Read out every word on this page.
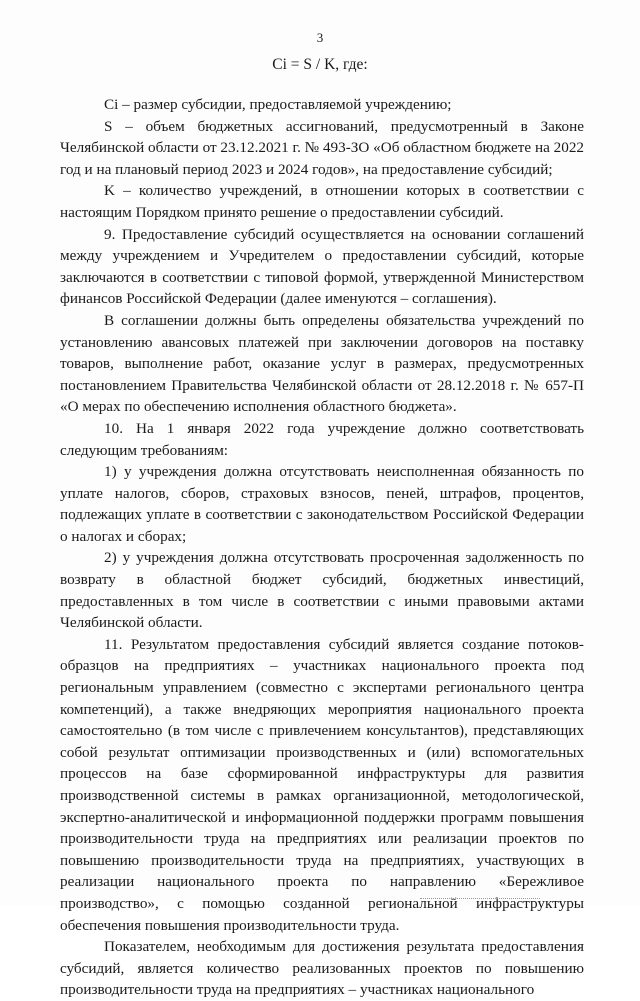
3
Ci = S / K, где:

Ci – размер субсидии, предоставляемой учреждению;

S – объем бюджетных ассигнований, предусмотренный в Законе Челябинской области от 23.12.2021 г. № 493-ЗО «Об областном бюджете на 2022 год и на плановый период 2023 и 2024 годов», на предоставление субсидий;

K – количество учреждений, в отношении которых в соответствии с настоящим Порядком принято решение о предоставлении субсидий.

9. Предоставление субсидий осуществляется на основании соглашений между учреждением и Учредителем о предоставлении субсидий, которые заключаются в соответствии с типовой формой, утвержденной Министерством финансов Российской Федерации (далее именуются – соглашения).

В соглашении должны быть определены обязательства учреждений по установлению авансовых платежей при заключении договоров на поставку товаров, выполнение работ, оказание услуг в размерах, предусмотренных постановлением Правительства Челябинской области от 28.12.2018 г. № 657-П «О мерах по обеспечению исполнения областного бюджета».

10. На 1 января 2022 года учреждение должно соответствовать следующим требованиям:

1) у учреждения должна отсутствовать неисполненная обязанность по уплате налогов, сборов, страховых взносов, пеней, штрафов, процентов, подлежащих уплате в соответствии с законодательством Российской Федерации о налогах и сборах;

2) у учреждения должна отсутствовать просроченная задолженность по возврату в областной бюджет субсидий, бюджетных инвестиций, предоставленных в том числе в соответствии с иными правовыми актами Челябинской области.

11. Результатом предоставления субсидий является создание потоков-образцов на предприятиях – участниках национального проекта под региональным управлением (совместно с экспертами регионального центра компетенций), а также внедряющих мероприятия национального проекта самостоятельно (в том числе с привлечением консультантов), представляющих собой результат оптимизации производственных и (или) вспомогательных процессов на базе сформированной инфраструктуры для развития производственной системы в рамках организационной, методологической, экспертно-аналитической и информационной поддержки программ повышения производительности труда на предприятиях или реализации проектов по повышению производительности труда на предприятиях, участвующих в реализации национального проекта по направлению «Бережливое производство», с помощью созданной региональной инфраструктуры обеспечения повышения производительности труда.

Показателем, необходимым для достижения результата предоставления субсидий, является количество реализованных проектов по повышению производительности труда на предприятиях – участниках национального
